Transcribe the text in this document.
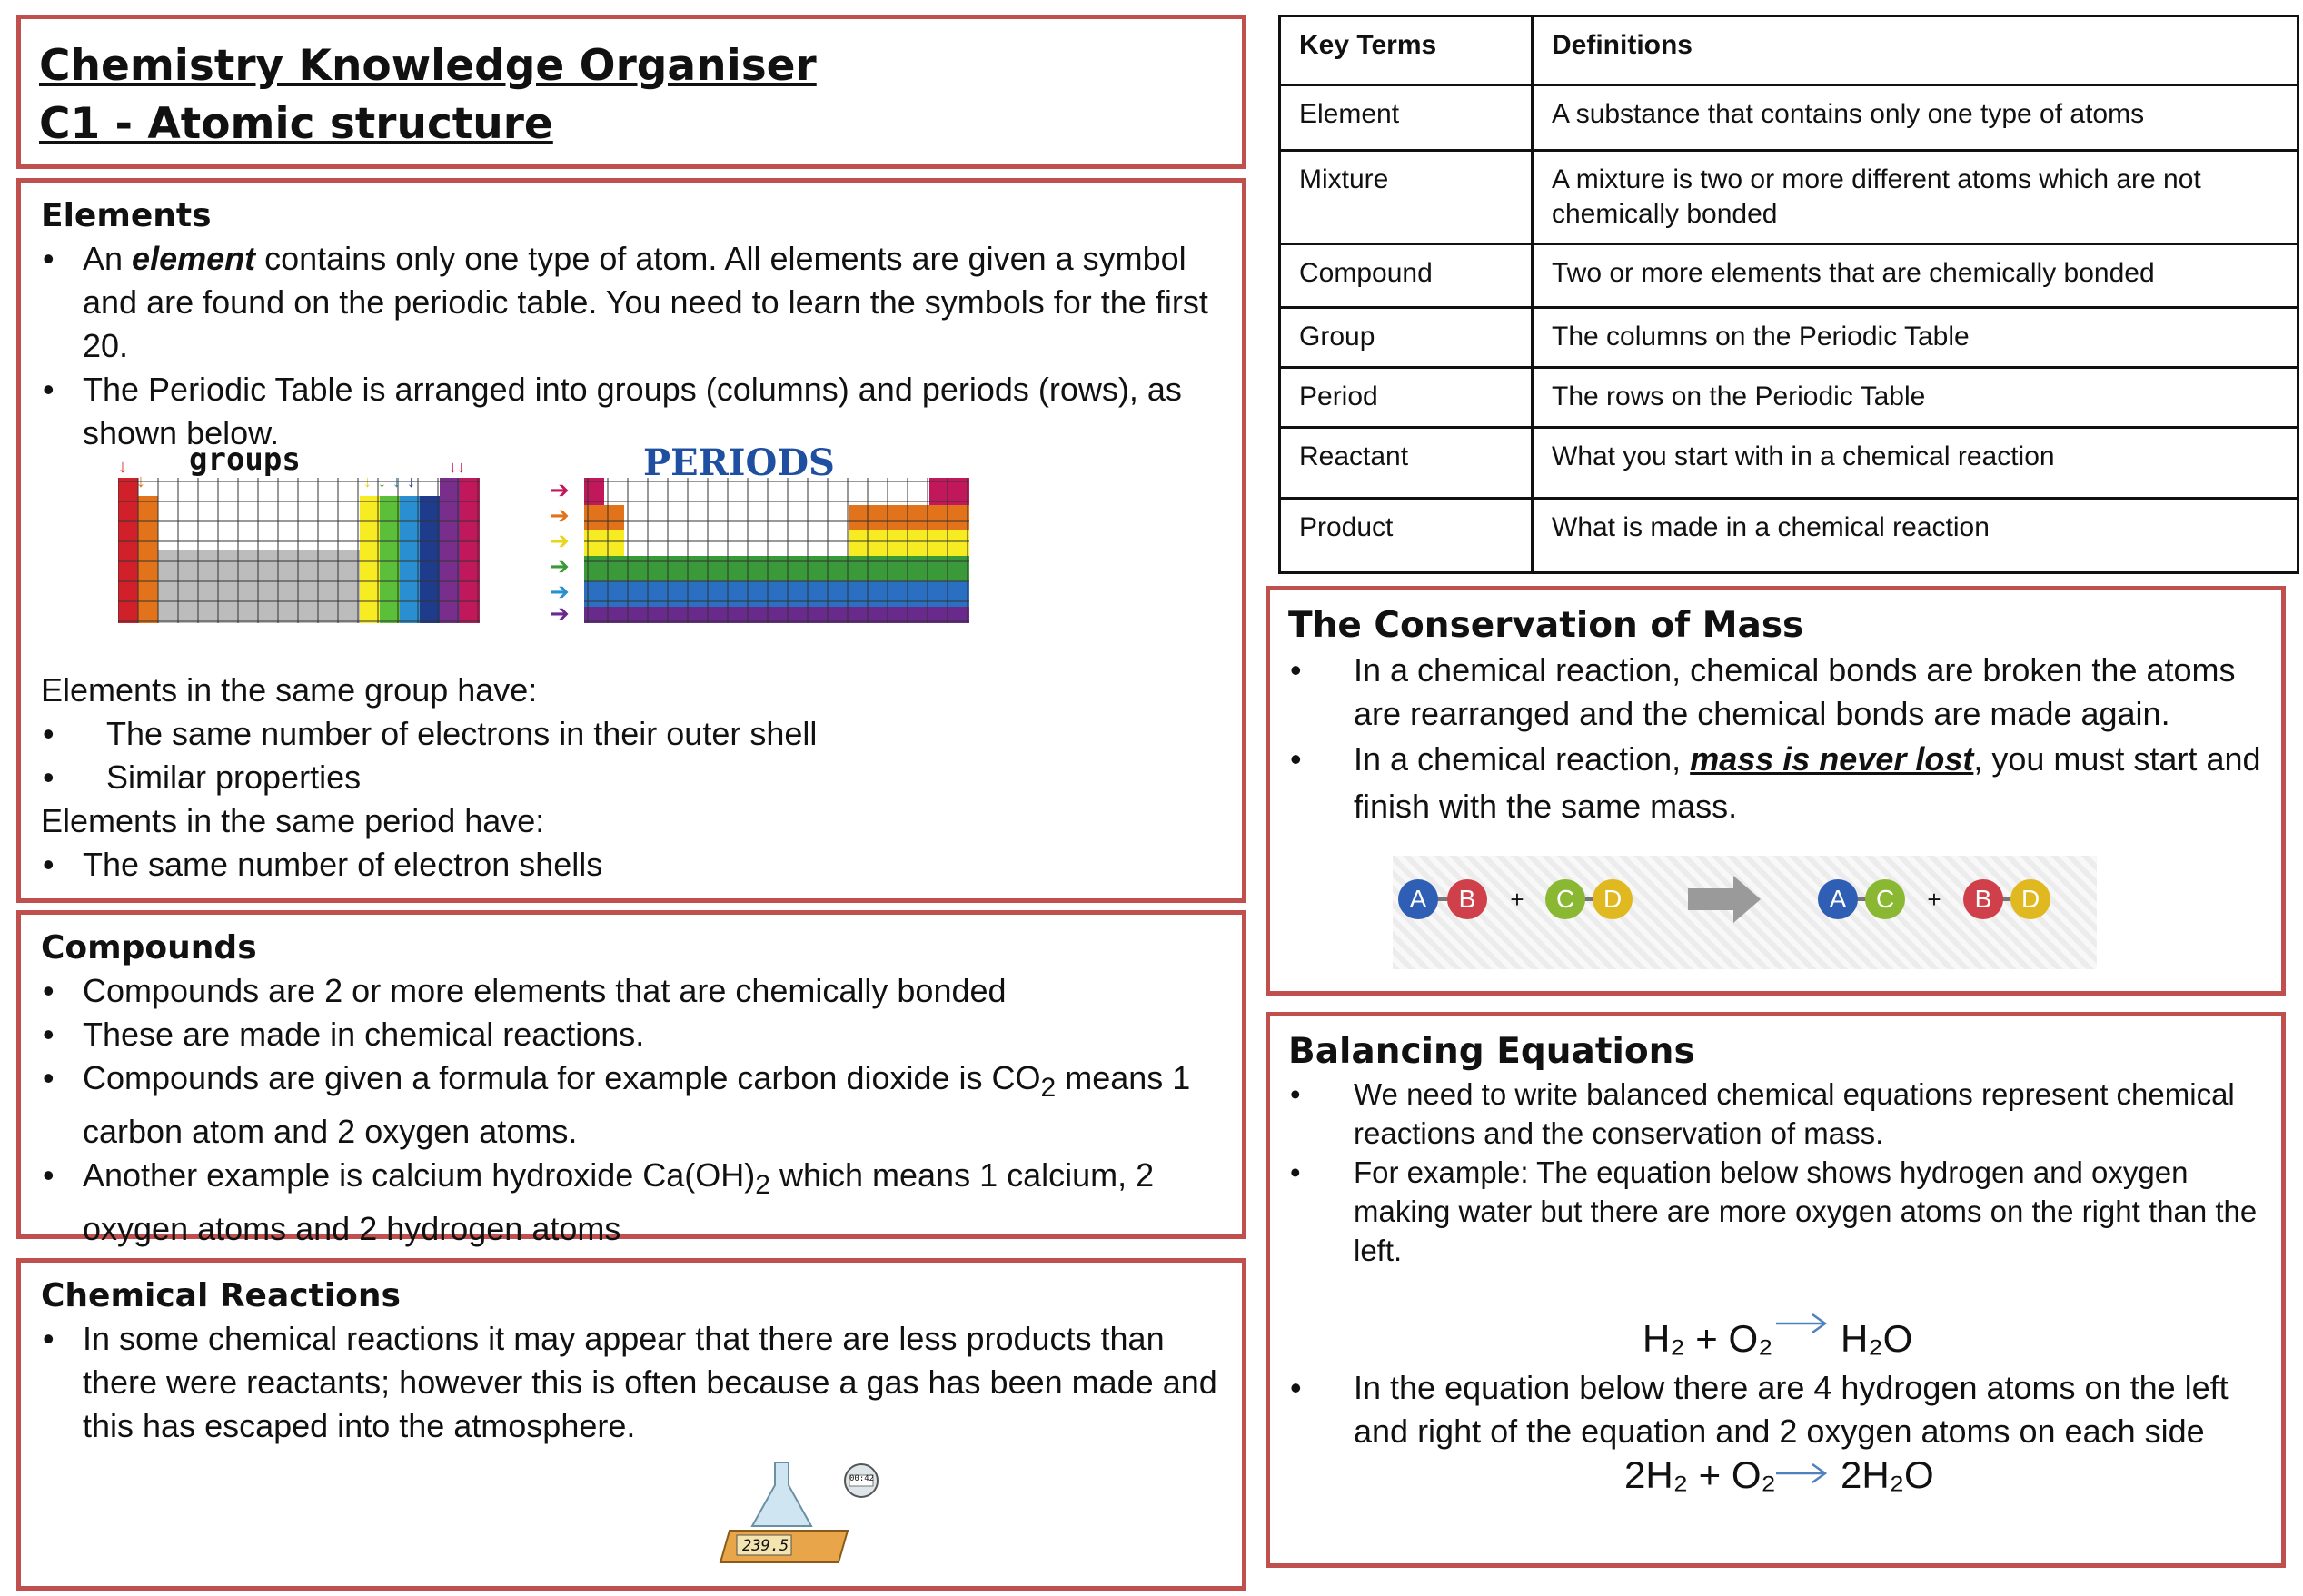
Chemistry Knowledge Organiser
C1 - Atomic structure
Elements
• An element contains only one type of atom. All elements are given a symbol and are found on the periodic table. You need to learn the symbols for the first 20.
• The Periodic Table is arranged into groups (columns) and periods (rows), as shown below.
groups
↓	↓↓	PERIODS
➔
➔
➔
➔
➔
➔
Elements in the same group have:
• The same number of electrons in their outer shell
• Similar properties
Elements in the same period have:
• The same number of electron shells
Compounds
• Compounds are 2 or more elements that are chemically bonded
• These are made in chemical reactions.
• Compounds are given a formula for example carbon dioxide is $CO_2$ means 1 carbon atom and 2 oxygen atoms.
• Another example is calcium hydroxide $Ca(OH)_2$ which means 1 calcium, 2 oxygen atoms and 2 hydrogen atoms
Chemical Reactions
• In some chemical reactions it may appear that there are less products than there were reactants; however this is often because a gas has been made and this has escaped into the atmosphere.
239.5
00:42
Key Terms	Definitions
Element	A substance that contains only one type of atoms
Mixture	A mixture is two or more different atoms which are not chemically bonded
Compound	Two or more elements that are chemically bonded
Group	The columns on the Periodic Table
Period	The rows on the Periodic Table
Reactant	What you start with in a chemical reaction
Product	What is made in a chemical reaction
The Conservation of Mass
• In a chemical reaction, chemical bonds are broken the atoms are rearranged and the chemical bonds are made again.
• In a chemical reaction, mass is never lost, you must start and finish with the same mass.
A B + C D	A C + B D
Balancing Equations
• We need to write balanced chemical equations represent chemical reactions and the conservation of mass.
• For example: The equation below shows hydrogen and oxygen making water but there are more oxygen atoms on the right than the left.
H₂ + O₂ H₂O
• In the equation below there are 4 hydrogen atoms on the left and right of the equation and 2 oxygen atoms on each side
2H₂ + O₂ 2H₂O
